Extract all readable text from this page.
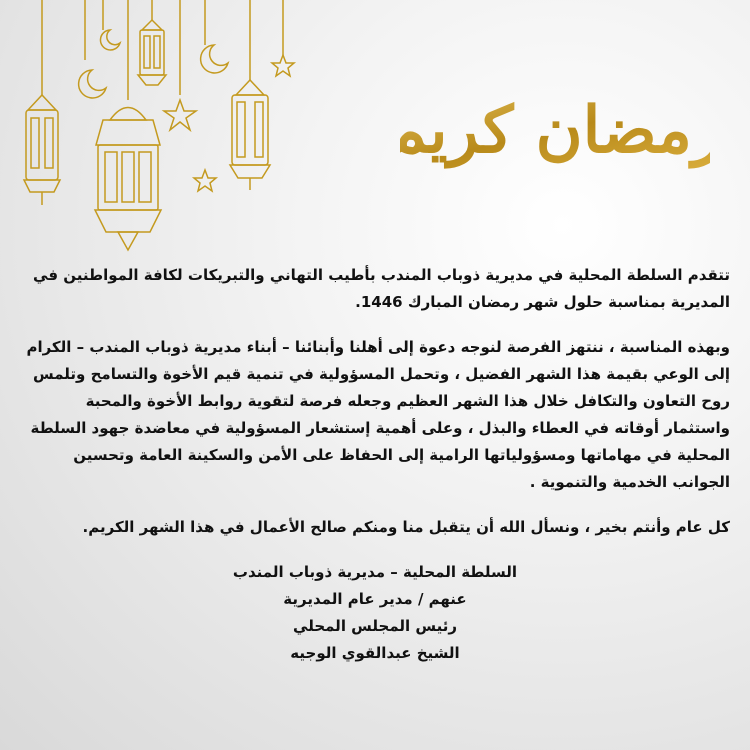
رمضان كريم

تتقدم السلطة المحلية في مديرية ذوباب المندب بأطيب التهاني والتبريكات لكافة المواطنين في المديرية بمناسبة حلول شهر رمضان المبارك 1446.

وبهذه المناسبة ، ننتهز الفرصة لنوجه دعوة إلى أهلنا وأبنائنا – أبناء مديرية ذوباب المندب – الكرام إلى الوعي بقيمة هذا الشهر الفضيل ، وتحمل المسؤولية في تنمية قيم الأخوة والتسامح وتلمس روح التعاون والتكافل خلال هذا الشهر العظيم وجعله فرصة لتقوية روابط الأخوة والمحبة واستثمار أوقاته في العطاء والبذل ، وعلى أهمية إستشعار المسؤولية في معاضدة جهود السلطة المحلية في مهاماتها ومسؤولياتها الرامية إلى الحفاظ على الأمن والسكينة العامة وتحسين الجوانب الخدمية والتنموية .

كل عام وأنتم بخير ، ونسأل الله أن يتقبل منا ومنكم صالح الأعمال في هذا الشهر الكريم.

السلطة المحلية – مديرية ذوباب المندب
عنهم / مدير عام المديرية
رئيس المجلس المحلي
الشيخ عبدالقوي الوجيه
